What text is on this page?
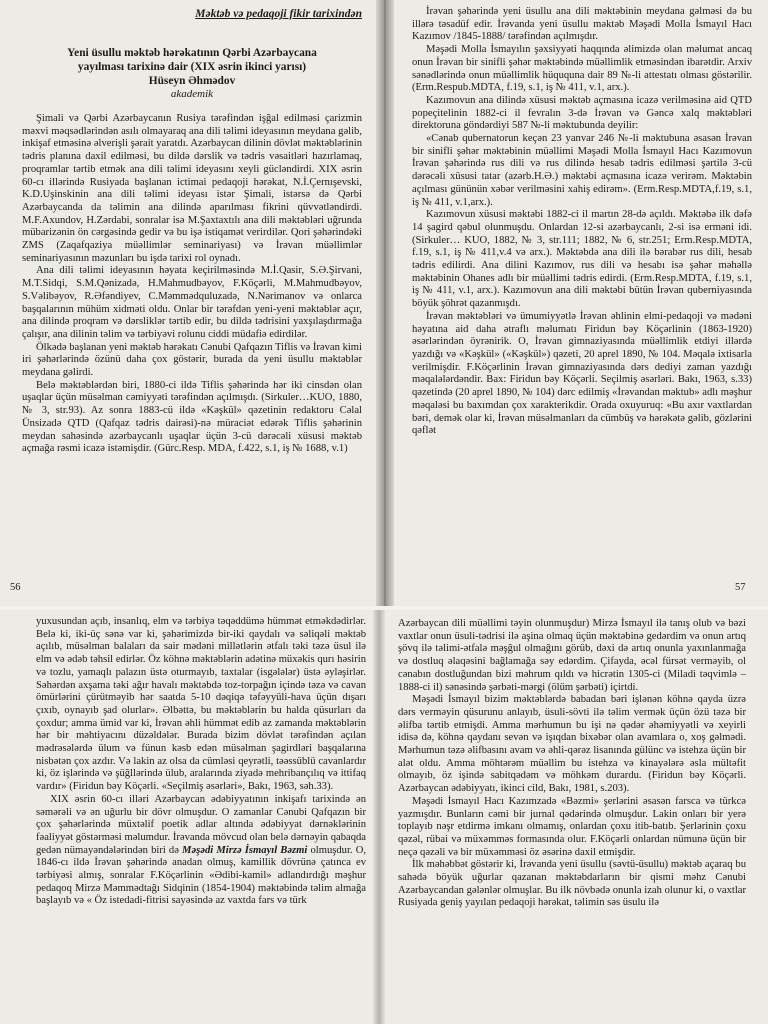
Məktəb və pedaqoji fikir tarixindən
Yeni üsullu məktəb hərəkatının Qərbi Azərbaycana
yayılması tarixinə dair (XIX əsrin ikinci yarısı)
Hüseyn Əhmədov
akademik

Şimali və Qərbi Azərbaycanın Rusiya tərəfindən işğal edilməsi çarizmin məxvi məqsədlərindən asılı olmayaraq ana dili təlimi ideyasının meydana gəlib, inkişaf etməsinə əlverişli şərait yaratdı. Azərbaycan dilinin dövlət məktəblərinin tədris planına daxil edilməsi, bu dildə dərslik və tədris vəsaitləri hazırlamaq, proqramlar tərtib etmək ana dili təlimi ideyasını xeyli gücləndirdi. XIX əsrin 60-cı illərində Rusiyada başlanan ictimai pedaqoji hərəkat, N.İ.Çernışevski, K.D.Uşinskinin ana dili təlimi ideyası istər Şimali, istərsə də Qərbi Azərbaycanda da təlimin ana dilində aparılması fikrini qüvvətləndirdi. M.F.Axundov, H.Zərdabi, sonralar isə M.Şaxtaxtılı ana dili məktəbləri uğrunda mübarizənin ön cərgəsində gedir və bu işə istiqamət verirdilər. Qori şəhərindəki ZMS (Zaqafqaziya müəllimlər seminariyası) və İrəvan müəllimlər seminariyasının məzunları bu işdə tarixi rol oynadı.

Ana dili təlimi ideyasının həyata keçirilməsində M.İ.Qasir, S.Ə.Şirvani, M.T.Sidqi, S.M.Qənizadə, H.Mahmudbəyov, F.Köçərli, M.Mahmudbəyov, S.Vəlibəyov, R.Əfəndiyev, C.Məmmədquluzadə, N.Nərimanov və onlarca başqalarının mühüm xidməti oldu. Onlar bir tərəfdən yeni-yeni məktəblər açır, ana dilində proqram və dərsliklər tərtib edir, bu dildə tədrisini yaxşılaşdırmağa çalışır, ana dilinin təlim və tərbiyəvi rolunu ciddi müdafiə edirdilər.

Ölkədə başlanan yeni məktəb hərəkatı Cənubi Qafqazın Tiflis və İrəvan kimi iri şəhərlərində özünü daha çox göstərir, burada da yeni üsullu məktəblər meydana gəlirdi.

Belə məktəblərdən biri, 1880-ci ildə Tiflis şəhərində hər iki cinsdən olan uşaqlar üçün müsəlman cəmiyyəti tərəfindən açılmışdı. (Sirkuler…KUO, 1880, № 3, str.93). Az sonra 1883-cü ildə «Kəşkül» qəzetinin redaktoru Cəlal Ünsizadə QTD (Qafqaz tədris dairəsi)-nə müraciət edərək Tiflis şəhərinin meydan sahəsində azərbaycanlı uşaqlar üçün 3-cü dərəcəli xüsusi məktəb açmağa rəsmi icazə istəmişdir. (Gürc.Resp. MDA, f.422, s.1, iş № 1688, v.1)

İrəvan şəhərində yeni üsullu ana dili məktəbinin meydana gəlməsi də bu illərə təsadüf edir. İrəvanda yeni üsullu məktəb Məşədi Molla İsmayıl Hacı Kazımov /1845-1888/ tərəfindən açılmışdır.

Məşədi Molla İsmayılın şəxsiyyəti haqqında əlimizdə olan məlumat ancaq onun İrəvan bir sinifli şəhər məktəbində müəllimlik etməsindən ibarətdir. Arxiv sənədlərində onun müəllimlik hüququna dair 89 №-li attestatı olması göstərilir. (Erm.Respub.MDTA, f.19, s.1, iş № 411, v.1, arx.).

Kazımovun ana dilində xüsusi məktəb açmasına icazə verilməsinə aid QTD popeçitelinin 1882-ci il fevralın 3-də İrəvan və Gəncə xalq məktəbləri direktoruna göndərdiyi 587 №-li məktubunda deyilir:

«Cənab qubernatorun keçən 23 yanvar 246 №-li məktubuna əsasən İrəvan bir sinifli şəhər məktəbinin müəllimi Məşədi Molla İsmayıl Hacı Kazımovun İrəvan şəhərində rus dili və rus dilində hesab tədris edilməsi şərtilə 3-cü dərəcəli xüsusi tatar (azərb.H.Ə.) məktəbi açmasına icazə verirəm. Məktəbin açılması gününün xəbər verilməsini xahiş edirəm». (Erm.Resp.MDTA,f.19, s.1, iş № 411, v.1,arx.).

Kazımovun xüsusi məktəbi 1882-ci il martın 28-də açıldı. Məktəbə ilk dəfə 14 şagird qəbul olunmuşdu. Onlardan 12-si azərbaycanlı, 2-si isə erməni idi. (Sirkuler… KUO, 1882, № 3, str.111; 1882, № 6, str.251; Erm.Resp.MDTA, f.19, s.1, iş № 411,v.4 və arx.). Məktəbdə ana dili ilə bərabər rus dili, hesab tədris edilirdi. Ana dilini Kazımov, rus dili və hesabı isə şəhər məhəllə məktəbinin Ohanes adlı bir müəllimi tədris edirdi. (Erm.Resp.MDTA, f.19, s.1, iş № 411, v.1, arx.). Kazımovun ana dili məktəbi bütün İrəvan quberniyasında böyük şöhrət qazanmışdı.

İrəvan məktəbləri və ümumiyyətlə İrəvan əhlinin elmi-pedaqoji və mədəni həyatına aid daha ətraflı məlumatı Firidun bəy Köçərlinin (1863-1920) əsərlərindən öyrənirik. O, İrəvan gimnaziyasında müəllimlik etdiyi illərdə yazdığı və «Kəşkül» («Kəşkül») qəzeti, 20 aprel 1890, № 104. Məqalə ixtisarla verilmişdir. F.Köçərlinin İrəvan gimnaziyasında dərs dediyi zaman yazdığı məqalələrdəndir. Bax: Firidun bəy Köçərli. Seçilmiş əsərləri. Bakı, 1963, s.33) qəzetində (20 aprel 1890, № 104) dərc edilmiş «İrəvandan məktub» adlı məşhur məqaləsi bu baxımdan çox xarakterikdir. Orada oxuyuruq: «Bu axır vaxtlardan bəri, demək olar ki, İrəvan müsəlmanları da cümbüş və hərəkətə gəlib, gözlərini qəflət

56	57

yuxusundan açıb, insanlıq, elm və tərbiyə təqəddümə hümmət etməkdədirlər. Belə ki, iki-üç sənə var ki, şəhərimizdə bir-iki qaydalı və səliqəli məktəb açılıb, müsəlman balaları da sair mədəni millətlərin ətfalı təki təzə üsul ilə elm və ədəb təhsil edirlər. Öz köhnə məktəblərin adətinə müxəkis qurı həsirin və tozlu, yamaqlı palazın üstə oturmayıb, taxtalar (isgələlər) üstə əyləşirlər. Səhərdən axşama təki ağır havalı məktəbdə toz-torpağın içində təzə və cavan ömürlərini çürütməyib hər saatda 5-10 dəqiqə təfəyyüli-hava üçün dışarı çıxıb, oynayıb şad olurlar». Əlbəttə, bu məktəblərin bu halda qüsurları da çoxdur; amma ümid var ki, İrəvan əhli hümmət edib az zamanda məktəblərin hər bir məhtiyacını düzəldələr. Burada bizim dövlət tərəfindən açılan mədrəsələrdə ülum və fünun kəsb edən müsəlman şagirdləri başqalarına nisbətən çox azdır. Və lakin az olsa da cümləsi qeyrətli, təəssüblü cavanlardır ki, öz işlərində və şüğllərində ülub, aralarında ziyadə mehribançılıq və ittifaq vardır» (Firidun bəy Köçərli. «Seçilmiş əsərləri», Bakı, 1963, səh.33).

XIX əsrin 60-cı illəri Azərbaycan ədəbiyyatının inkişafı tarixində ən səmərəli və ən uğurlu bir dövr olmuşdur. O zamanlar Cənubi Qafqazın bir çox şəhərlərində müxtəlif poetik adlar altında ədəbiyyat dərnəklərinin fəaliyyət göstərməsi məlumdur. İrəvanda mövcud olan belə dərnəyin qabaqda gedən nümayəndələrindən biri də Məşədi Mirzə İsmayıl Bəzmi olmuşdur. O, 1846-cı ildə İrəvan şəhərində anadan olmuş, kamillik dövrünə çatınca ev tərbiyəsi almış, sonralar F.Köçərlinin «Ədibi-kamil» adlandırdığı məşhur pedaqoq Mirzə Məmmədtağı Sidqinin (1854-1904) məktəbində təlim almağa başlayıb və « Öz istedadi-fitrisi sayəsində az vaxtda fars və türk

Azərbaycan dili müəllimi təyin olunmuşdur) Mirzə İsmayıl ilə tanış olub və bəzi vaxtlar onun üsuli-tədrisi ilə aşina olmaq üçün məktəbinə gedərdim və onun artıq şövq ilə təlimi-ətfalə məşğul olmağını görüb, dəxi də artıq onunla yaxınlanmağa və dostluq əlaqəsini bağlamağa səy edərdim. Çifayda, əcəl fürsət verməyib, ol cənabın dostluğundan bizi məhrum qıldı və hicrətin 1305-ci (Miladi təqvimlə – 1888-ci il) sənəsində şərbəti-mərgi (ölüm şərbəti) içirtdi.

Məşədi İsmayıl bizim məktəblərdə babadan bəri işlənən köhnə qayda üzrə dərs verməyin qüsurunu anlayıb, üsuli-sövti ilə təlim vermək üçün özü təzə bir əlifba tərtib etmişdi. Amma mərhumun bu işi nə qədər əhəmiyyətli və xeyirli idisə də, köhnə qaydanı sevən və işıqdan bixəbər olan avamlara o, xoş gəlmədi. Mərhumun təzə əlifbasını avam və əhli-qərəz lisanında gülünc və istehza üçün bir alət oldu. Amma möhtərəm müəllim bu istehza və kinayələrə əsla mültəfit olmayıb, öz işində sabitqədəm və möhkəm durardu. (Firidun bəy Köçərli. Azərbaycan ədəbiyyatı, ikinci cild, Bakı, 1981, s.203).

Məşədi İsmayıl Hacı Kazımzadə «Bəzmi» şerlərini əsasən farsca və türkcə yazmışdır. Bunların cəmi bir jurnal qədərində olmuşdur. Lakin onları bir yerə toplayıb nəşr etdirmə imkanı olmamış, onlardan çoxu itib-batıb. Şerlərinin çoxu qəzəl, rübai və müxəmməs formasında olur. F.Köçərli onlardan nümunə üçün bir neçə qəzəli və bir müxəmməsi öz əsərinə daxil etmişdir.

İlk məhəbbət göstərir ki, İrəvanda yeni üsullu (səvtü-üsullu) məktəb açaraq bu sahədə böyük uğurlar qazanan məktəbdarların bir qismi məhz Cənubi Azərbaycandan gələnlər olmuşlar. Bu ilk növbədə onunla izah olunur ki, o vaxtlar Rusiyada geniş yayılan pedaqoji hərəkat, təlimin səs üsulu ilə
